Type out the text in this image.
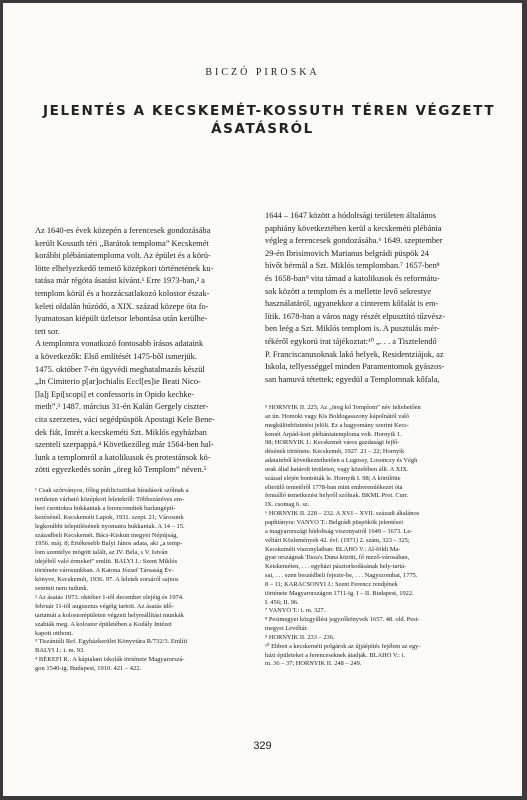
BICZÓ PIROSKA
JELENTÉS A KECSKEMÉT-KOSSUTH TÉREN VÉGZETT
ÁSATÁSRÓL
Az 1640-es évek közepén a ferencesek gondozásába
került Kossuth téri ,,Barátok temploma” Kecskemét
korábbi plébániatemploma volt. Az épület és a körü-
lötte elhelyezkedő temető középkori történetének ku-
tatása már régóta ásatást kívánt.¹ Erre 1973-ban,² a
templom körül és a hozzácsatlakozó kolostor észak-
keleti oldalán húzódó, a XIX. század közepe óta fo-
lyamatosan kiépült üzletsor lebontása után kerülhe-
tett sor.
A templomra vonatkozó fontosabb írásos adataink
a következők: Első említését 1475-ből ismerjük.
1475. október 7-én ügyvédi meghatalmazás készül
„In Cimiterio p[ar]ochialis Eccl[es]ie Beati Nico-
[la]j Epi[scopi] et confessoris in Opido kechke-
meth”.³ 1487. március 31-én Kalán Gergely ciszter-
cita szerzetes, váci segédpüspök Apostagi Kele Bene-
dek fiát, Imrét a kecskeméti Szt. Miklós egyházban
szenteli szerpappá.⁴ Következőleg már 1564-ben hal-
lunk a templomról a katolikusok és protestánsok kö-
zötti egyezkedés során „öreg kő Templom” néven.⁵
¹ Csak szórványos, főleg publicisztikai híradások szólnak a
területen várható középkori leletekről: Többszázéves em-
beri csontokra bukkantak a ferencrendiek barlangépít-
kezésénél. Kecskeméti Lapok, 1931. szept. 21; Városunk
legkorábbi településének nyomaira bukkantak. A 14 – 15.
századbeli Kecskemét. Bács-Kiskun megyei Népújság,
1956. máj. 8; Értékesebb Balyi János adata, aki „a temp-
lom szentélye mögött talált, az IV. Béla, s V. István
idejéből való érmeket” említi. BALYI J.: Szent Miklós
története városunkban. A Katona József Társaság Év-
könyve, Kecskemét, 1936. 97. A leletek sorsáról sajnos
semmit nem tudunk.
² Az ásatás 1973. október 1-től december elejéig és 1974.
február 11-től augusztus végéig tartott. Az ásatás idő-
tartamát a kolostorépületen végzett helyreállítási munkák
szabták meg. A kolostor épületében a Kodály Intézet
kapott otthont.
³ Tiszántúli Ref. Egyházkerület Könyvtára R/732/3. Említi
BALYI J.: i. m. 93.
⁴ BÉKEFI R.: A káptalani iskolák története Magyarorszá-
gon 1540-ig. Budapest, 1910. 421 – 422.
1644 – 1647 között a hódoltsági területen általános
paphiány következtében kerül a kecskeméti plébánia
végleg a ferencesek gondozásába.⁶ 1649. szeptember
29-én Ibrisimovich Marianus belgrádi püspök 24
hívőt bérmál a Szt. Miklós templomban.⁷ 1657-ben⁸
és 1658-ban⁹ vita támad a katolikusok és reformátu-
sok között a templom és a mellette levő sekrestye
használatáról, ugyanekkor a cinterem kőfalát is em-
lítik. 1678-ban a város nagy részét elpusztító tűzvész-
ben leég a Szt. Miklós templom is. A pusztulás mér-
tékéről egykorú irat tájékoztat:¹⁰ „. . . a Tisztelendő
P. Franciscanusoknak lakó helyek, Residentziájok, az
Iskola, tellyességgel minden Paramentomok gyászos-
san hamuvá tétettek; egyedül a Templomnak kőfala,
⁵ HORNYIK II. 225; Az „öreg kő Templom” név feltehetően
az ún. Homoki vagy Kis Boldogasszony kápolnától való
megkülönböztetést jelöli. Ez a hagyomány szerint Kecs-
kemét Árpád-kori plébániatemploma volt. Hornyik 1.
98; HORNYIK J.: Kecskemét város gazdasági fejlő-
désének története. Kecskemét, 1927. 21 – 22; Hornyik
adatainból következtethetően a Lugossy, Losonczy és Végh
urak által határolt területen, vagy közelében állt. A XIX.
század elején bontották le. Hornyik I. 98; A körülötte
elterülő temetőről 1778-ban mint emberemlékezet óta
fennálló temetkezési helyről szólnak. BKML Prot. Curr.
IX. csomag 6. sz.
⁶ HORNYIK II. 228 – 232. A XVI – XVII. századi általános
paphiányra: VANYÓ T.: Belgrádi püspökök jelentései
a magyarországi hódoltság viszonyairól 1649 – 1673. Le-
véltári Közlemények 42. évf. (1971) 2. szám, 323 – 325;
Kecskeméti viszonylatban: BLAHÓ V.: Al-földi Ma-
gyar országnak Tisza's Duna között, fő mező-városában,
Ketskeméten, . . . egyházi pásztorkodásának hely-tartá-
sai, . . . ezen beszédbeli fejezte-be, . . . Nagyszombat, 1775.
8 – 11; KARÁCSONYI J.: Szent Ferencz rendjének
története Magyarországon 1711-ig. I – II. Budapest, 1922.
I. 456; II. 96.
⁷ VANYÓ T.: i. m. 327.
⁸ Pestmegyei közgyűlési jegyzőkönyvek 1657. 48. old. Pest-
megyei Levéltár.
⁹ HORNYIK II. 233 – 236.
¹⁰ Ebben a kecskeméti polgárok az újjáépítés fejében az egy-
házi épületeket a ferenceseknek átadják. BLAHÓ V.: i.
m. 36 – 37; HORNYIK II. 248 – 249.
329
